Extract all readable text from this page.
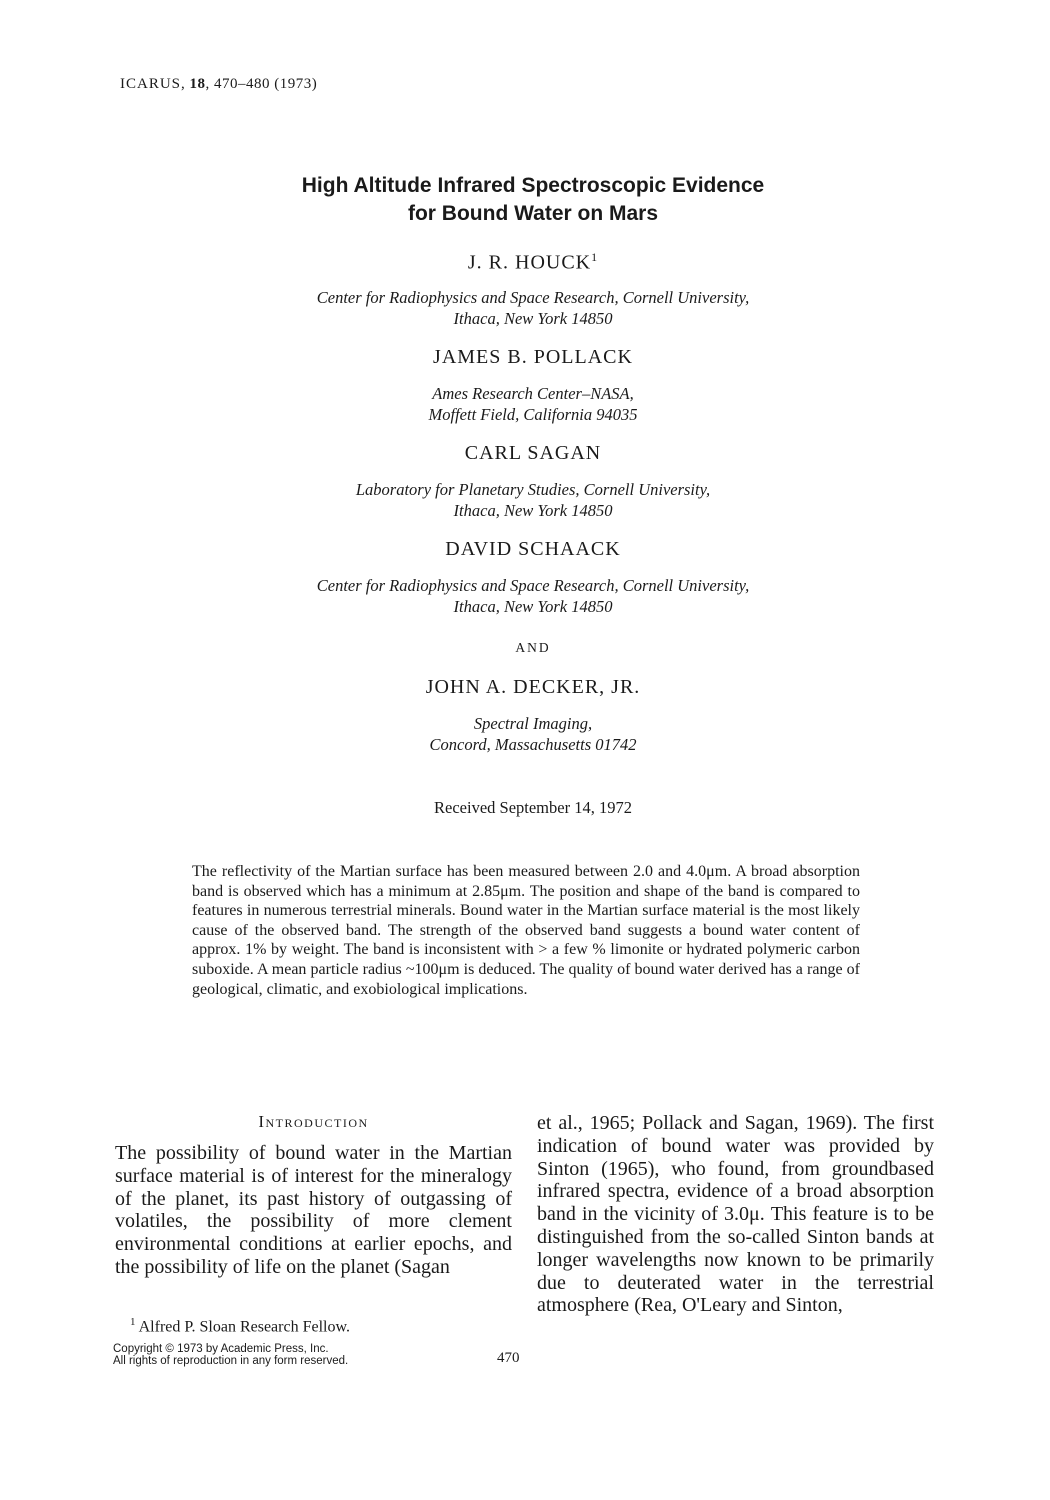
ICARUS, 18, 470–480 (1973)
High Altitude Infrared Spectroscopic Evidence
for Bound Water on Mars
J. R. HOUCK$^1$
Center for Radiophysics and Space Research, Cornell University,
Ithaca, New York 14850
JAMES B. POLLACK
Ames Research Center–NASA,
Moffett Field, California 94035
CARL SAGAN
Laboratory for Planetary Studies, Cornell University,
Ithaca, New York 14850
DAVID SCHAACK
Center for Radiophysics and Space Research, Cornell University,
Ithaca, New York 14850
AND
JOHN A. DECKER, JR.
Spectral Imaging,
Concord, Massachusetts 01742
Received September 14, 1972
The reflectivity of the Martian surface has been measured between 2.0 and 4.0μm. A broad absorption band is observed which has a minimum at 2.85μm. The position and shape of the band is compared to features in numerous terrestrial minerals. Bound water in the Martian surface material is the most likely cause of the observed band. The strength of the observed band suggests a bound water content of approx. 1% by weight. The band is inconsistent with > a few % limonite or hydrated polymeric carbon suboxide. A mean particle radius ~100μm is deduced. The quality of bound water derived has a range of geological, climatic, and exobiological implications.
Introduction
The possibility of bound water in the Martian surface material is of interest for the mineralogy of the planet, its past history of outgassing of volatiles, the possibility of more clement environmental conditions at earlier epochs, and the possibility of life on the planet (Sagan
et al., 1965; Pollack and Sagan, 1969). The first indication of bound water was provided by Sinton (1965), who found, from groundbased infrared spectra, evidence of a broad absorption band in the vicinity of 3.0μ. This feature is to be distinguished from the so-called Sinton bands at longer wavelengths now known to be primarily due to deuterated water in the terrestrial atmosphere (Rea, O'Leary and Sinton,
$^1$ Alfred P. Sloan Research Fellow.
Copyright © 1973 by Academic Press, Inc.
All rights of reproduction in any form reserved.	470
